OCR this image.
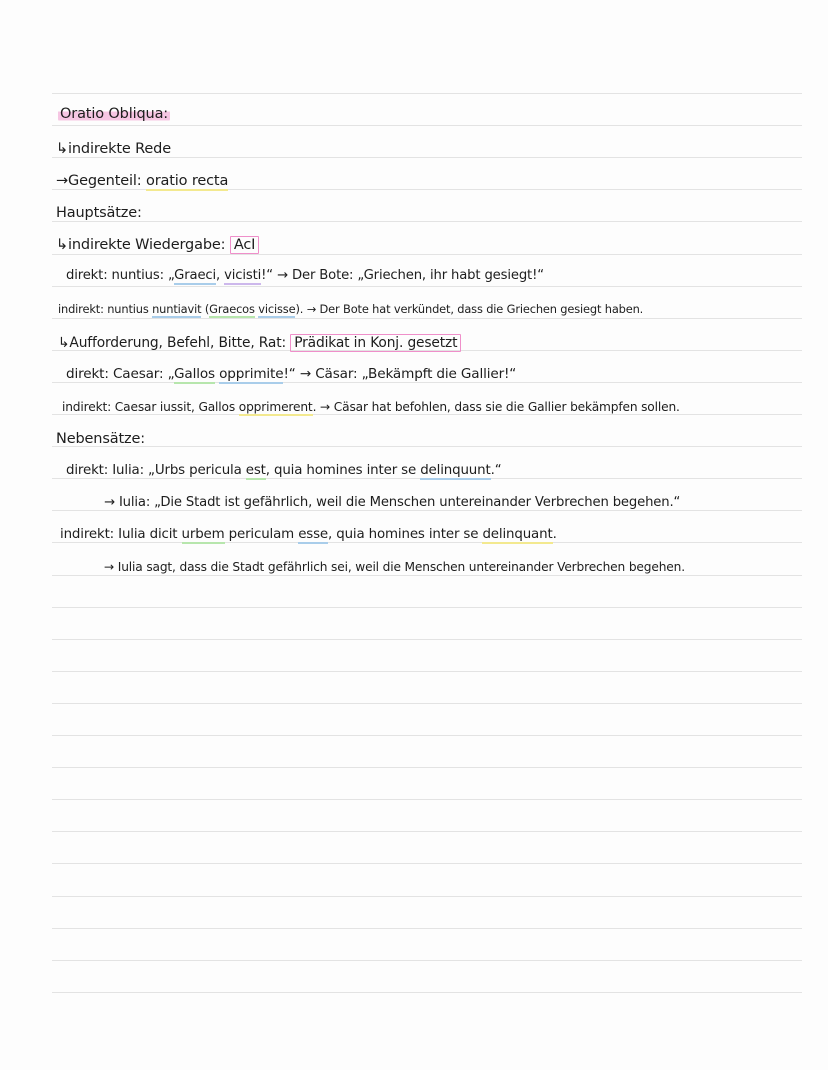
Oratio Obliqua:
↳indirekte Rede
→Gegenteil: oratio recta
Hauptsätze:
↳indirekte Wiedergabe: AcI
direkt: nuntius: „Graeci, vicisti!“ → Der Bote: „Griechen, ihr habt gesiegt!“
indirekt: nuntius nuntiavit (Graecos vicisse). → Der Bote hat verkündet, dass die Griechen gesiegt haben.
↳Aufforderung, Befehl, Bitte, Rat: Prädikat in Konj. gesetzt
direkt: Caesar: „Gallos opprimite!“ → Cäsar: „Bekämpft die Gallier!“
indirekt: Caesar iussit, Gallos opprimerent. → Cäsar hat befohlen, dass sie die Gallier bekämpfen sollen.
Nebensätze:
direkt: Iulia: „Urbs pericula est, quia homines inter se delinquunt.“
→ Iulia: „Die Stadt ist gefährlich, weil die Menschen untereinander Verbrechen begehen.“
indirekt: Iulia dicit urbem periculam esse, quia homines inter se delinquant.
→ Iulia sagt, dass die Stadt gefährlich sei, weil die Menschen untereinander Verbrechen begehen.
